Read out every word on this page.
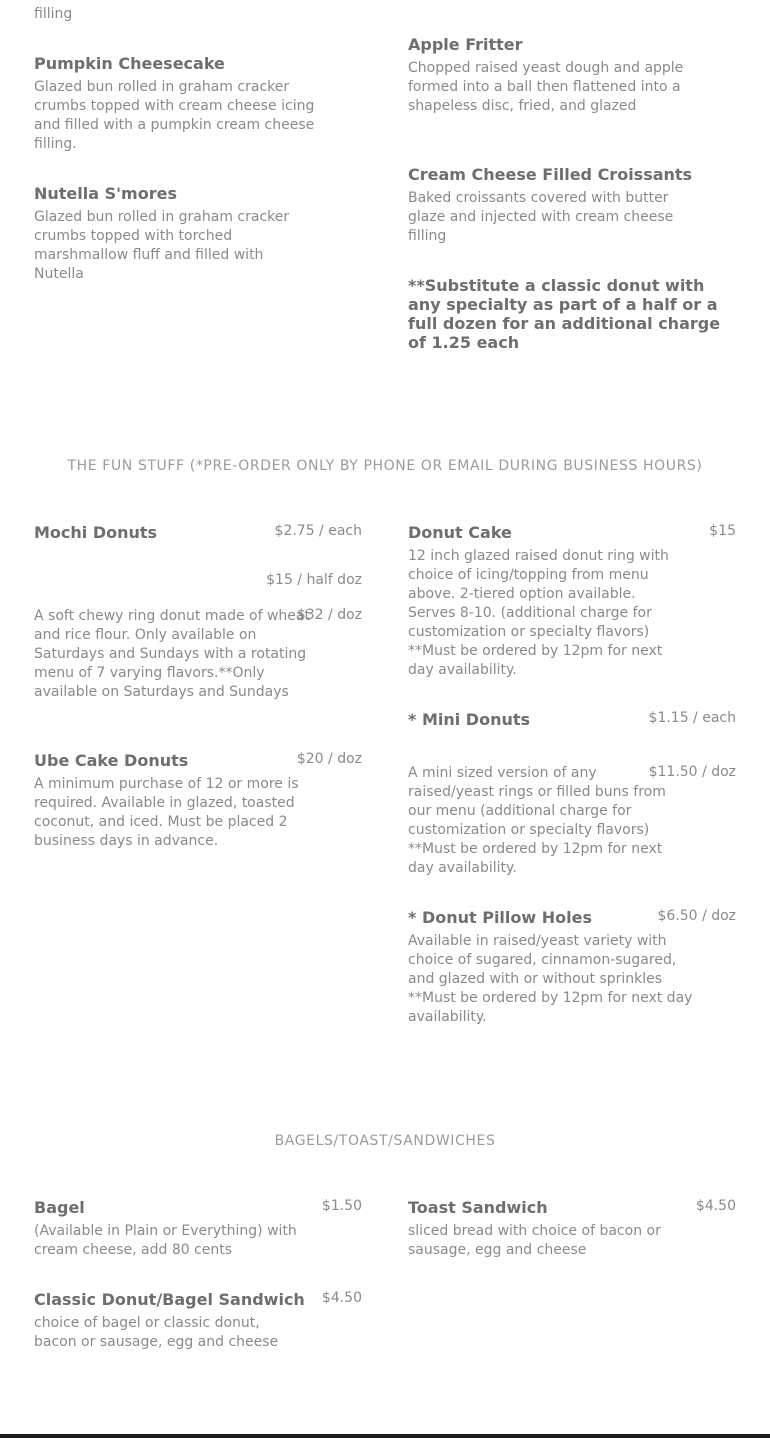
filling
Pumpkin Cheesecake
Glazed bun rolled in graham cracker crumbs topped with cream cheese icing and filled with a pumpkin cream cheese filling.
Nutella S'mores
Glazed bun rolled in graham cracker crumbs topped with torched marshmallow fluff and filled with Nutella
Apple Fritter
Chopped raised yeast dough and apple formed into a ball then flattened into a shapeless disc, fried, and glazed
Cream Cheese Filled Croissants
Baked croissants covered with butter glaze and injected with cream cheese filling
**Substitute a classic donut with any specialty as part of a half or a full dozen for an additional charge of 1.25 each
THE FUN STUFF (*PRE-ORDER ONLY BY PHONE OR EMAIL DURING BUSINESS HOURS)
Mochi Donuts	$2.75 / each
$15 / half doz
$32 / doz
A soft chewy ring donut made of wheat and rice flour. Only available on Saturdays and Sundays with a rotating menu of 7 varying flavors.**Only available on Saturdays and Sundays
Ube Cake Donuts	$20 / doz
A minimum purchase of 12 or more is required. Available in glazed, toasted coconut, and iced. Must be placed 2 business days in advance.
Donut Cake	$15
12 inch glazed raised donut ring with choice of icing/topping from menu above. 2-tiered option available. Serves 8-10. (additional charge for customization or specialty flavors) **Must be ordered by 12pm for next day availability.
* Mini Donuts	$1.15 / each
$11.50 / doz
A mini sized version of any raised/yeast rings or filled buns from our menu (additional charge for customization or specialty flavors) **Must be ordered by 12pm for next day availability.
* Donut Pillow Holes	$6.50 / doz
Available in raised/yeast variety with choice of sugared, cinnamon-sugared, and glazed with or without sprinkles **Must be ordered by 12pm for next day availability.
BAGELS/TOAST/SANDWICHES
Bagel	$1.50
(Available in Plain or Everything) with cream cheese, add 80 cents
Toast Sandwich	$4.50
sliced bread with choice of bacon or sausage, egg and cheese
Classic Donut/Bagel Sandwich	$4.50
choice of bagel or classic donut, bacon or sausage, egg and cheese
